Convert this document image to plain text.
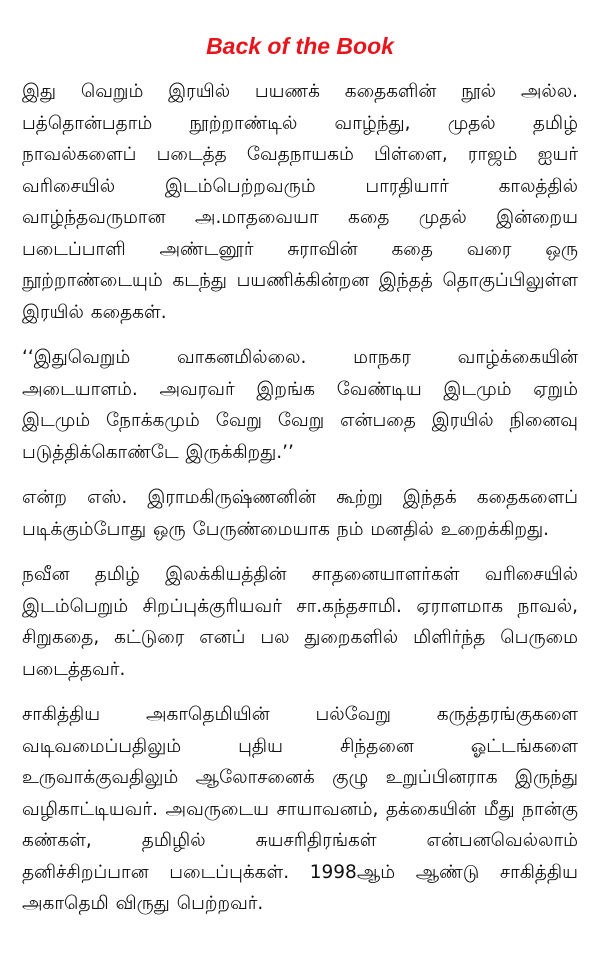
Back of the Book

இது வெறும் இரயில் பயணக் கதைகளின் நூல் அல்ல. பத்தொன்பதாம் நூற்றாண்டில் வாழ்ந்து, முதல் தமிழ் நாவல்களைப் படைத்த வேதநாயகம் பிள்ளை, ராஜம் ஐயர் வரிசையில் இடம்பெற்றவரும் பாரதியார் காலத்தில் வாழ்ந்தவருமான அ.மாதவையா கதை முதல் இன்றைய படைப்பாளி அண்டனூர் சுராவின் கதை வரை ஒரு நூற்றாண்டையும் கடந்து பயணிக்கின்றன இந்தத் தொகுப்பிலுள்ள இரயில் கதைகள்.

‘‘இதுவெறும் வாகனமில்லை. மாநகர வாழ்க்கையின் அடையாளம். அவரவர் இறங்க வேண்டிய இடமும் ஏறும் இடமும் நோக்கமும் வேறு வேறு என்பதை இரயில் நினைவு படுத்திக்கொண்டே இருக்கிறது.’’

என்ற எஸ். இராமகிருஷ்ணனின் கூற்று இந்தக் கதைகளைப் படிக்கும்போது ஒரு பேருண்மையாக நம் மனதில் உறைக்கிறது.

நவீன தமிழ் இலக்கியத்தின் சாதனையாளர்கள் வரிசையில் இடம்பெறும் சிறப்புக்குரியவர் சா.கந்தசாமி. ஏராளமாக நாவல், சிறுகதை, கட்டுரை எனப் பல துறைகளில் மிளிர்ந்த பெருமை படைத்தவர்.

சாகித்திய அகாதெமியின் பல்வேறு கருத்தரங்குகளை வடிவமைப்பதிலும் புதிய சிந்தனை ஓட்டங்களை உருவாக்குவதிலும் ஆலோசனைக் குழு உறுப்பினராக இருந்து வழிகாட்டியவர். அவருடைய சாயாவனம், தக்கையின் மீது நான்கு கண்கள், தமிழில் சுயசரிதிரங்கள் என்பனவெல்லாம் தனிச்சிறப்பான படைப்புக்கள். 1998ஆம் ஆண்டு சாகித்திய அகாதெமி விருது பெற்றவர்.
